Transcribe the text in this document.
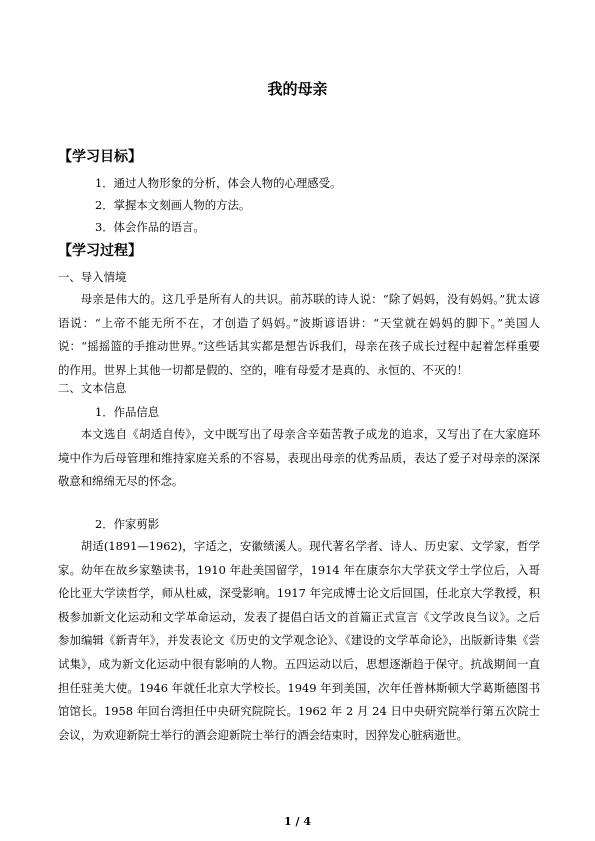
我的母亲
【学习目标】
1．通过人物形象的分析，体会人物的心理感受。
2．掌握本文刻画人物的方法。
3．体会作品的语言。
【学习过程】
一、导入情境

母亲是伟大的。这几乎是所有人的共识。前苏联的诗人说：“除了妈妈，没有妈妈。”犹太谚语说：“上帝不能无所不在，才创造了妈妈。”波斯谚语讲：“天堂就在妈妈的脚下。”美国人说：“摇摇篮的手推动世界。”这些话其实都是想告诉我们，母亲在孩子成长过程中起着怎样重要的作用。世界上其他一切都是假的、空的，唯有母爱才是真的、永恒的、不灭的！

二、文本信息
1．作品信息

本文选自《胡适自传》，文中既写出了母亲含辛茹苦教子成龙的追求，又写出了在大家庭环境中作为后母管理和维持家庭关系的不容易，表现出母亲的优秀品质，表达了爱子对母亲的深深敬意和绵绵无尽的怀念。

2．作家剪影

胡适(1891—1962)，字适之，安徽绩溪人。现代著名学者、诗人、历史家、文学家，哲学家。幼年在故乡家塾读书，1910 年赴美国留学，1914 年在康奈尔大学获文学士学位后，入哥伦比亚大学读哲学，师从杜威，深受影响。1917 年完成博士论文后回国，任北京大学教授，积极参加新文化运动和文学革命运动，发表了提倡白话文的首篇正式宣言《文学改良刍议》。之后参加编辑《新青年》，并发表论文《历史的文学观念论》、《建设的文学革命论》，出版新诗集《尝试集》，成为新文化运动中很有影响的人物。五四运动以后，思想逐渐趋于保守。抗战期间一直担任驻美大使。1946 年就任北京大学校长。1949 年到美国，次年任普林斯顿大学葛斯德图书馆馆长。1958 年回台湾担任中央研究院院长。1962 年 2 月 24 日中央研究院举行第五次院士会议，为欢迎新院士举行的酒会迎新院士举行的酒会结束时，因猝发心脏病逝世。

1 / 4
